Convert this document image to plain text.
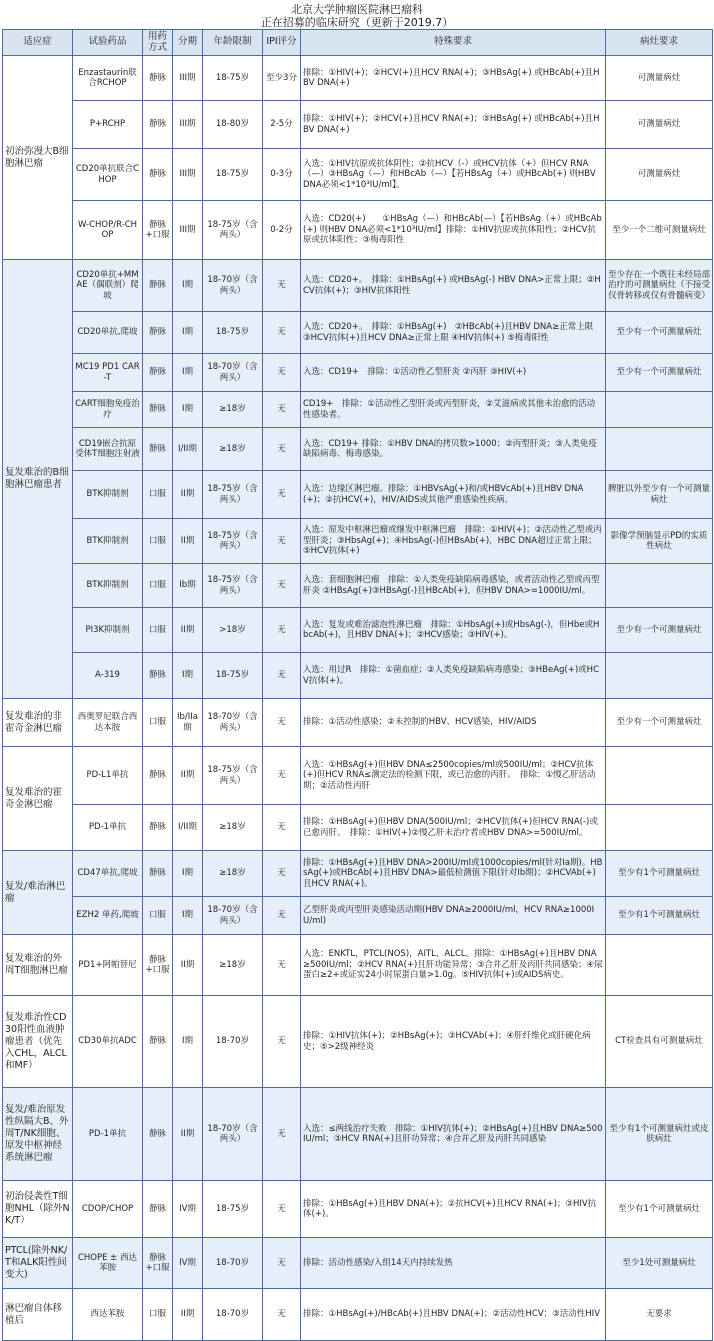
北京大学肿瘤医院淋巴瘤科
正在招募的临床研究（更新于2019.7）
适应症	试验药品	用药方式	分期	年龄限制	IPI评分	特殊要求	病灶要求
初治弥漫大B细胞淋巴瘤	Enzastaurin联合RCHOP	静脉	III期	18-75岁	至少3分	排除：①HIV(+)；②HCV(+)且HCV RNA(+)；③HBsAg(+) 或HBcAb(+)且HBV DNA(+)	可测量病灶
	P+RCHP	静脉	III期	18-80岁	2-5分	排除：①HIV(+)；②HCV(+)且HCV RNA(+)；③HBsAg(+) 或HBcAb(+)且HBV DNA(+)	可测量病灶
	CD20单抗联合CHOP	静脉	III期	18-75岁	0-3分	入选：①HIV抗原或抗体阴性；②抗HCV（-）或HCV抗体（+）但HCV RNA（—）③HBsAg（—）和HBcAb（—）【若HBsAg（+）或HBcAb(+) 则HBV DNA必须<1*10³IU/ml】。	可测量病灶
	W-CHOP/R-CHOP	静脉+口服	III期	18-75岁（含两头）	0-2分	入选：CD20(+)　　①HBsAg（—）和HBcAb(—）【若HBsAg（+）或HBcAb(+) 则HBV DNA必须<1*10³IU/ml】排除：①HIV抗原或抗体阳性；②HCV抗原或抗体阳性；③梅毒阳性	至少一个二维可测量病灶
复发难治的B细胞淋巴瘤患者	CD20单抗+MMAE（偶联剂）爬坡	静脉	I期	18-70岁（含两头）	无	入选：CD20+。　排除：①HBsAg(+) 或HBsAg(-) HBV DNA>正常上限；②HCV抗体(+)；③HIV抗体阳性	至少存在一个既往未经局部治疗的可测量病灶（不接受仅骨转移或仅有骨髓病变）
	CD20单抗,爬坡	静脉	I期	18-75岁	无	入选：CD20+。　排除：①HBsAg(+)　②HBcAb(+)且HBV DNA≥正常上限 ③HCV抗体(+)且HCV DNA≥正常上限 ④HIV抗体(+) ⑤梅毒阳性	至少有一个可测量病灶
	MC19 PD1 CAR-T	静脉	I期	18-70岁（含两头）	无	入选：CD19+　排除：①活动性乙型肝炎 ②丙肝 ③HIV(+)	至少有一个可测量病灶
	CART细胞免疫治疗	静脉	I期	≥18岁	无	CD19+　排除：①活动性乙型肝炎或丙型肝炎，②艾滋病或其他未治愈的活动性感染者。	
	CD19嵌合抗原受体T细胞注射液	静脉	I/II期	≥18岁	无	入选：CD19+ 排除：①HBV DNA的拷贝数>1000；②丙型肝炎；③人类免疫缺陷病毒、梅毒感染。	
	BTK抑制剂	口服	II期	18-75岁（含两头）	无	入选：边缘区淋巴瘤。排除：①HBVsAg(+)和/或HBVcAb(+)且HBV DNA(+)；②抗HCV(+)，HIV/AIDS或其他严重感染性疾病。	脾脏以外至少有一个可测量病灶
	BTK抑制剂	口服	II期	18-75岁（含两头）	无	入选：原发中枢淋巴瘤或继发中枢淋巴瘤　排除：①HIV(+)；②活动性乙型或丙型肝炎；③HbsAg(+)；④HbsAg(-)但HBsAb(+)，HBC DNA超过正常上限；⑤HCV抗体(+)	影像学预脑显示PD的实质性病灶
	BTK抑制剂	口服	Ib期	18-75岁（含两头）	无	入选：套细胞淋巴瘤　排除：①人类免疫缺陷病毒感染，或者活动性乙型或丙型肝炎 ②HBsAg(+)③HBsAg(-)且HBcAb(+)，但HBV DNA>=1000IU/ml。	
	PI3K抑制剂	口服	II期	>18岁	无	入选：复发或难治滤泡性淋巴瘤　排除：①HbsAg(+)或HbsAg(-)，但Hbe或HbcAb(+)，且HBV DNA(+)；②HCV感染；③HIV(+)。	至少有一个可测量病灶
	A-319	静脉	I期	18-75岁	无	入选：用过R　排除：①菌血症；②人类免疫缺陷病毒感染；③HBeAg(+)或HCV抗体(+)。	
复发难治的非霍奇金淋巴瘤	西奥罗尼联合西达本胺	口服	Ib/IIa期	18-70岁（含两头）	无	排除：①活动性感染；②未控制的HBV、HCV感染，HIV/AIDS	至少有一个可测量病灶
复发难治的霍奇金淋巴瘤	PD-L1单抗	静脉	II期	18-75岁（含两头）	无	入选：①HBsAg(+)但HBV DNA≤2500copies/ml或500IU/ml；②HCV抗体(+)但HCV RNA≤测定法的检测下限，或已治愈的丙肝。　排除：①慢乙肝活动期；②活动性丙肝	
	PD-1单抗	静脉	I/II期	≥18岁	无	排除：①HBsAg(+)但HBV DNA(500IU/ml；②HCV抗体(+)但HCV RNA(-)或已愈丙肝。　排除：①HIV(+)②慢乙肝未治疗者或HBV DNA>=500IU/ml。	
复发/难治淋巴瘤	CD47单抗,爬坡	静脉	I期	≥18岁	无	排除：①HBsAg(+)且HBV DNA>200IU/ml或1000copies/ml(针对Ia期)。HBsAg(+)或HBcAb(+)且HBV DNA>最低检测值下限(针对Ib期)；②HCVAb(+)且HCV RNA(+)。	至少有1个可测量病灶
	EZH2 单药,爬坡	口服	I期	18-70岁（含两头）	无	乙型肝炎或丙型肝炎感染活动期(HBV DNA≥2000IU/ml，HCV RNA≥1000IU/ml)	至少有1个可测量病灶
复发难治的外周T细胞淋巴瘤	PD1+阿帕替尼	静脉+口服	II期	≥18岁	无	入选：ENKTL，PTCL(NOS)，AITL，ALCL。排除：①HBsAg(+)且HBV DNA≥500IU/ml；②HCV RNA(+)且肝功能异常；③合并乙肝及丙肝共同感染；④尿蛋白≥2+或证实24小时尿蛋白量>1.0g。⑤HIV抗体(+)或AIDS病史。	
复发难治性CD30阳性血液肿瘤患者（优先入CHL，ALCL和MF）	CD30单抗ADC	静脉	I期	18-70岁	无	排除：①HIV抗体(+)；②HBsAg(+)；③HCVAb(+)；④肝纤维化或肝硬化病史；⑤>2级神经炎	CT检查具有可测量病灶
复发/难治原发性纵隔大B、外周T/NK细胞、原发中枢神经系统淋巴瘤	PD-1单抗	静脉	II期	18-70岁（含两头）	无	入选：≤两线治疗失败　排除：①HIV抗体(+)；②HBsAg(+)且HBV DNA≥500IU/ml；③HCV RNA(+)且肝功异常；④合并乙肝及丙肝共同感染	至少有1个可测量病灶或皮肤病灶
初治侵袭性T细胞NHL（除外NK/T）	CDOP/CHOP	静脉	IV期	18-75岁	无	排除：①HBsAg(+)且HBV DNA(+)；②抗HCV(+)且HCV RNA(+)；③HIV抗体(+)。	至少有1个可测量病灶
PTCL(除外NK/T和ALK阳性间变大)	CHOPE ± 西达苯胺	静脉+口服	IV期	18-70岁	无	排除：活动性感染/入组14天内持续发热	至少1处可测量病灶
淋巴瘤自体移植后	西达苯胺	口服	II期	18-70岁	无	排除：①HBsAg(+)/HBcAb(+)且HBV DNA(+)；②活动性HCV；③活动性HIV	无要求
